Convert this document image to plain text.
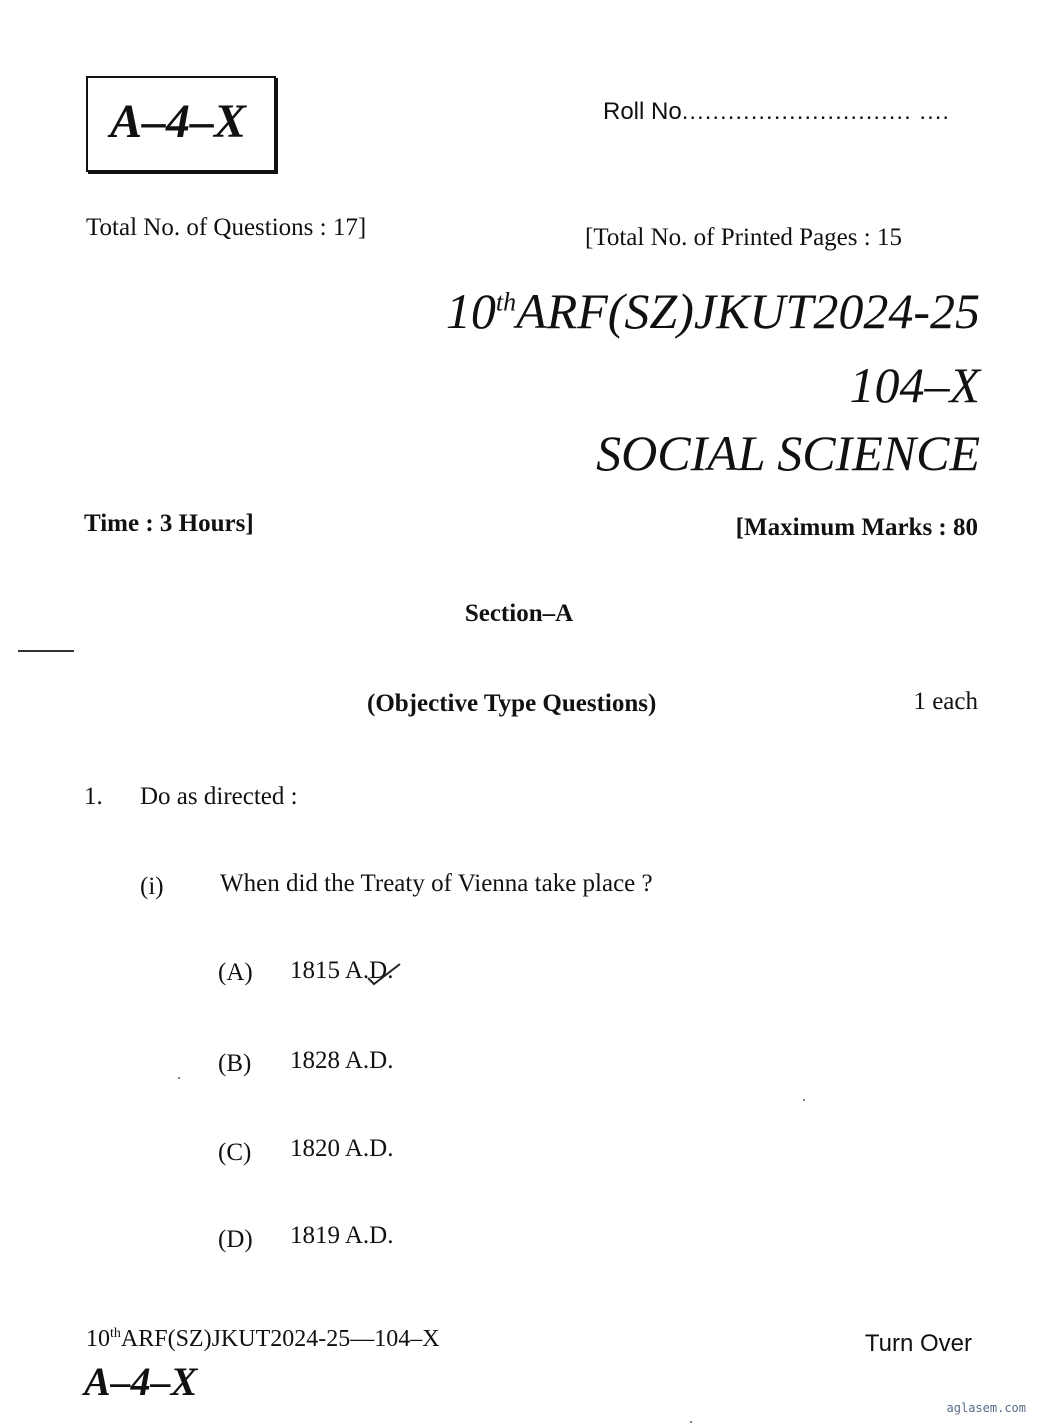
A–4–X	Roll No.............................. ....
Total No. of Questions : 17]	[Total No. of Printed Pages : 15
10thARF(SZ)JKUT2024-25
104–X
SOCIAL SCIENCE
Time : 3 Hours]	[Maximum Marks : 80
Section–A
(Objective Type Questions)	1 each
1. Do as directed :
(i) When did the Treaty of Vienna take place ?
(A) 1815 A.D.
(B) 1828 A.D.
(C) 1820 A.D.
(D) 1819 A.D.
10thARF(SZ)JKUT2024-25—104–X	Turn Over
A–4–X
aglasem.com
